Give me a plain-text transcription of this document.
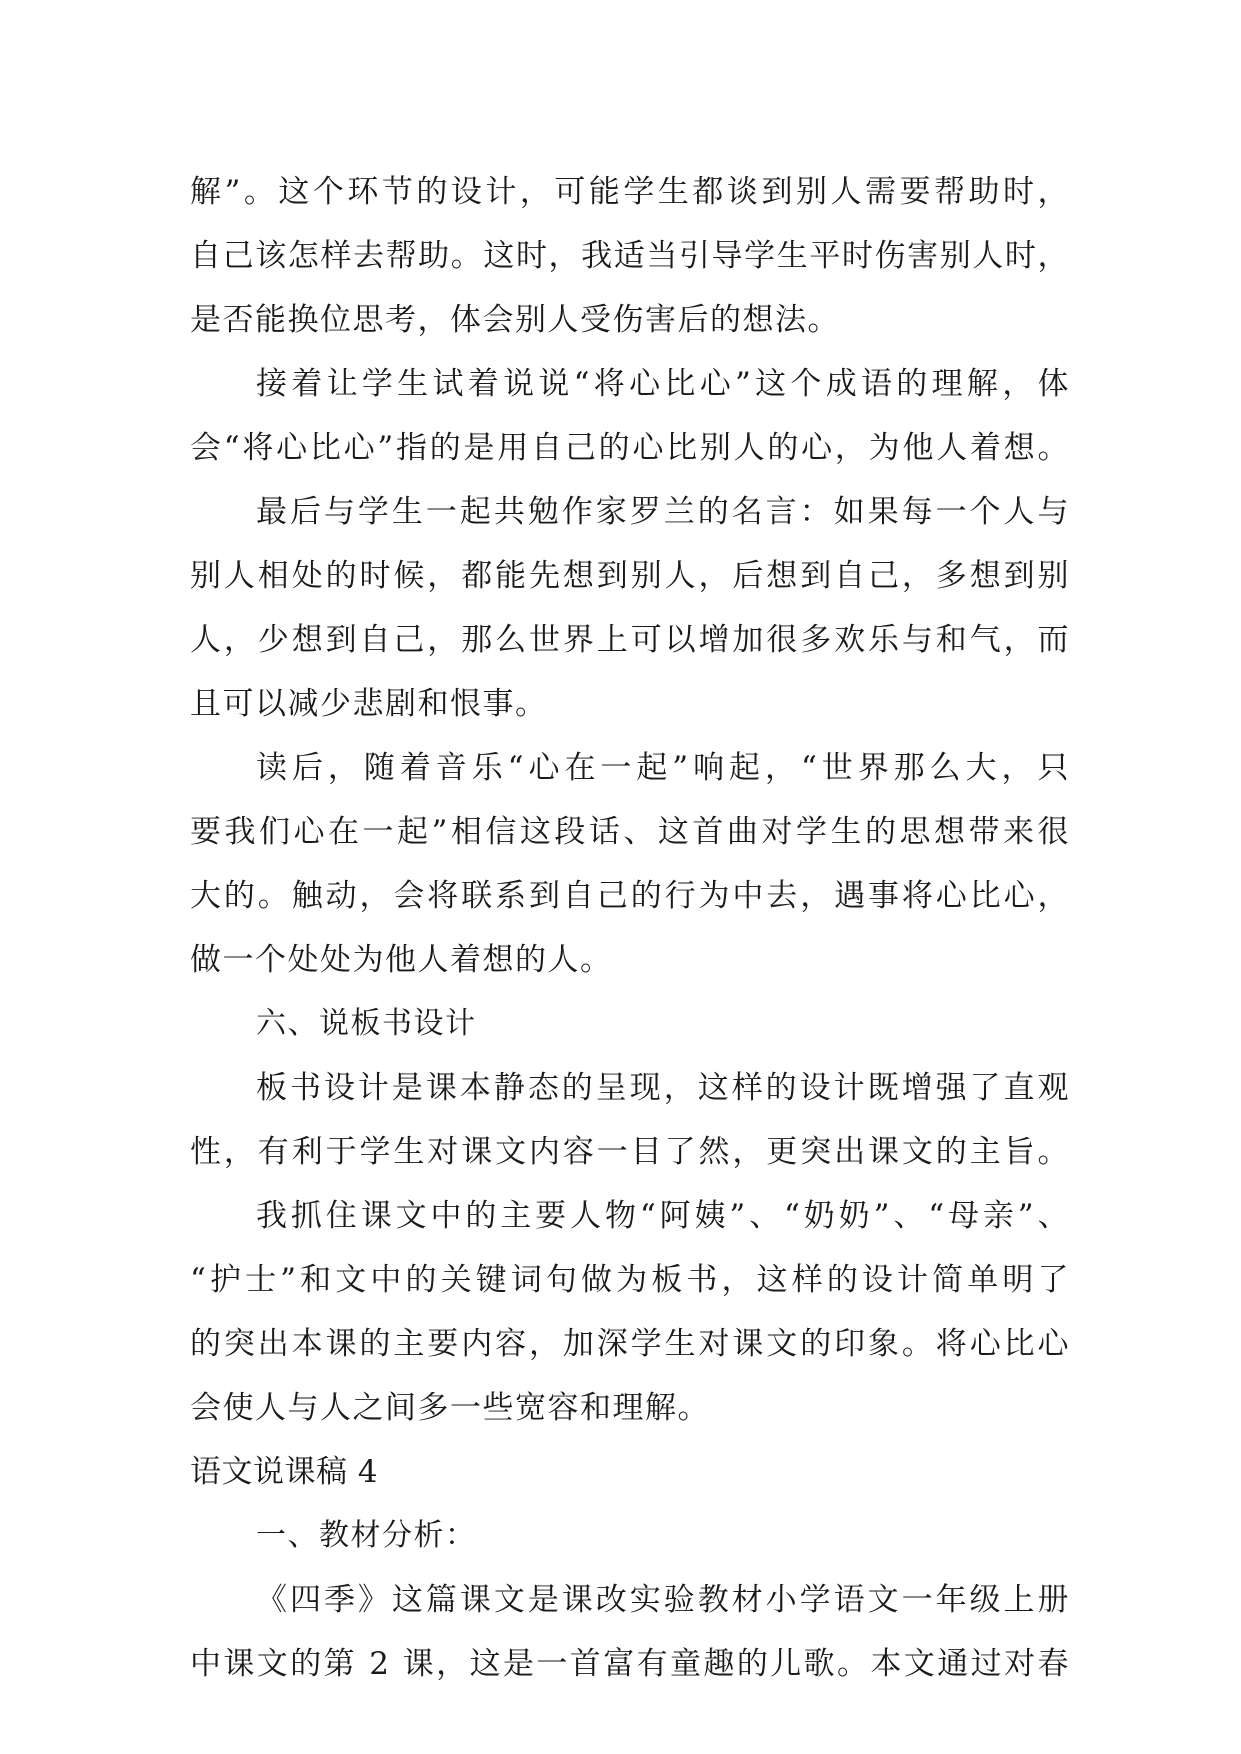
解”。这个环节的设计，可能学生都谈到别人需要帮助时，
自己该怎样去帮助。这时，我适当引导学生平时伤害别人时，
是否能换位思考，体会别人受伤害后的想法。
接着让学生试着说说“将心比心”这个成语的理解，体
会“将心比心”指的是用自己的心比别人的心，为他人着想。
最后与学生一起共勉作家罗兰的名言：如果每一个人与
别人相处的时候，都能先想到别人，后想到自己，多想到别
人，少想到自己，那么世界上可以增加很多欢乐与和气，而
且可以减少悲剧和恨事。
读后，随着音乐“心在一起”响起，“世界那么大，只
要我们心在一起”相信这段话、这首曲对学生的思想带来很
大的。触动，会将联系到自己的行为中去，遇事将心比心，
做一个处处为他人着想的人。
六、说板书设计
板书设计是课本静态的呈现，这样的设计既增强了直观
性，有利于学生对课文内容一目了然，更突出课文的主旨。
我抓住课文中的主要人物“阿姨”、“奶奶”、“母亲”、
“护士”和文中的关键词句做为板书，这样的设计简单明了
的突出本课的主要内容，加深学生对课文的印象。将心比心
会使人与人之间多一些宽容和理解。
语文说课稿 4
一、教材分析：
《四季》这篇课文是课改实验教材小学语文一年级上册
中课文的第 2 课，这是一首富有童趣的儿歌。本文通过对春
